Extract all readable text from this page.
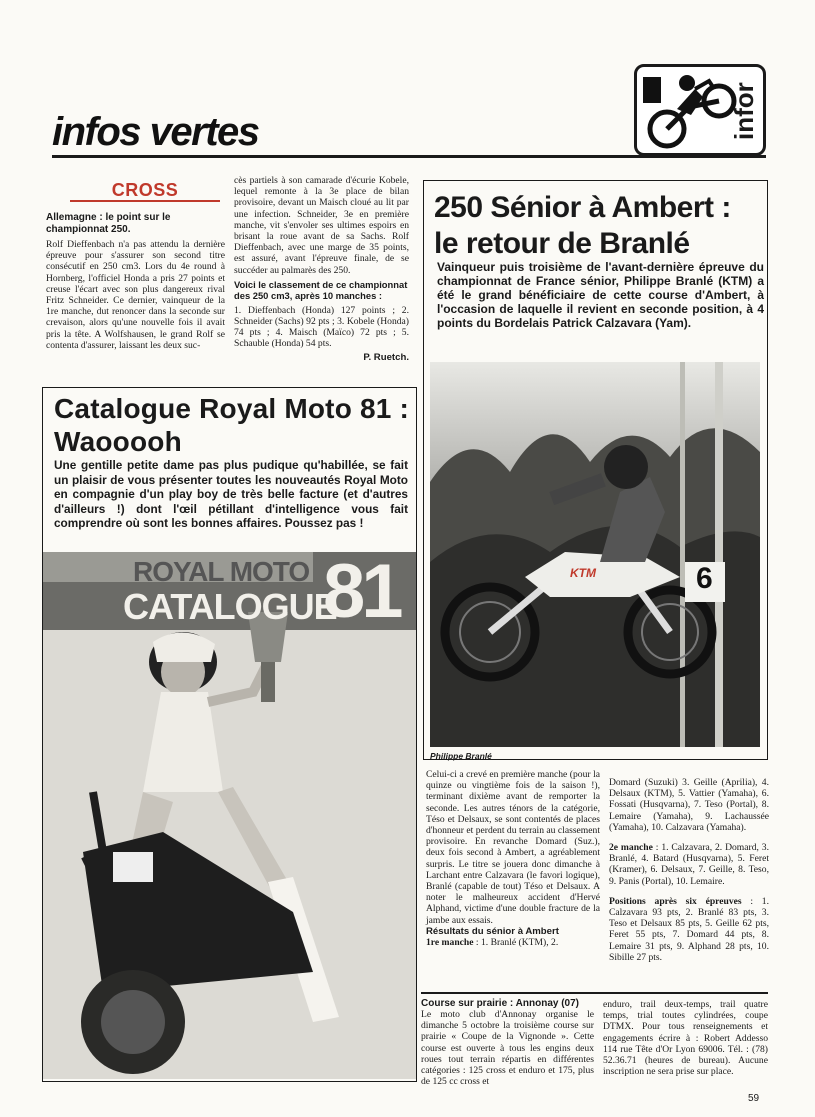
infos vertes	infor
CROSS
Allemagne : le point sur le championnat 250.
Rolf Dieffenbach n'a pas attendu la dernière épreuve pour s'assurer son second titre consécutif en 250 cm3. Lors du 4e round à Hornberg, l'officiel Honda a pris 27 points et creuse l'écart avec son plus dangereux rival Fritz Schneider. Ce dernier, vainqueur de la 1re manche, dut renoncer dans la seconde sur crevaison, alors qu'une nouvelle fois il avait pris la tête. A Wolfshausen, le grand Rolf se contenta d'assurer, laissant les deux suc-
cès partiels à son camarade d'écurie Kobele, lequel remonte à la 3e place de bilan provisoire, devant un Maisch cloué au lit par une infection. Schneider, 3e en première manche, vit s'envoler ses ultimes espoirs en brisant la roue avant de sa Sachs. Rolf Dieffenbach, avec une marge de 35 points, est assuré, avant l'épreuve finale, de se succéder au palmarès des 250.
Voici le classement de ce championnat des 250 cm3, après 10 manches :
1. Dieffenbach (Honda) 127 points ; 2. Schneider (Sachs) 92 pts ; 3. Kobele (Honda) 74 pts ; 4. Maisch (Maïco) 72 pts ; 5. Schauble (Honda) 54 pts.
P. Ruetch.
250 Sénior à Ambert :
le retour de Branlé
Vainqueur puis troisième de l'avant-dernière épreuve du championnat de France sénior, Philippe Branlé (KTM) a été le grand bénéficiaire de cette course d'Ambert, à l'occasion de laquelle il revient en seconde position, à 4 points du Bordelais Patrick Calzavara (Yam).
KTM	6
Philippe Branlé
Celui-ci a crevé en première manche (pour la quinze ou vingtième fois de la saison !), terminant dixième avant de remporter la seconde. Les autres ténors de la catégorie, Téso et Delsaux, se sont contentés de places d'honneur et perdent du terrain au classement provisoire. En revanche Domard (Suz.), deux fois second à Ambert, a agréablement surpris. Le titre se jouera donc dimanche à Larchant entre Calzavara (le favori logique), Branlé (capable de tout) Téso et Delsaux. A noter le malheureux accident d'Hervé Alphand, victime d'une double fracture de la jambe aux essais.
Résultats du sénior à Ambert
1re manche : 1. Branlé (KTM), 2.
Domard (Suzuki) 3. Geille (Aprilia), 4. Delsaux (KTM), 5. Vattier (Yamaha), 6. Fossati (Husqvarna), 7. Teso (Portal), 8. Lemaire (Yamaha), 9. Lachaussée (Yamaha), 10. Calzavara (Yamaha).
2e manche : 1. Calzavara, 2. Domard, 3. Branlé, 4. Batard (Husqvarna), 5. Feret (Kramer), 6. Delsaux, 7. Geille, 8. Teso, 9. Panis (Portal), 10. Lemaire.
Positions après six épreuves : 1. Calzavara 93 pts, 2. Branlé 83 pts, 3. Teso et Delsaux 85 pts, 5. Geille 62 pts, Feret 55 pts, 7. Domard 44 pts, 8. Lemaire 31 pts, 9. Alphand 28 pts, 10. Sibille 27 pts.
Catalogue Royal Moto 81 :
Waooooh
Une gentille petite dame pas plus pudique qu'habillée, se fait un plaisir de vous présenter toutes les nouveautés Royal Moto en compagnie d'un play boy de très belle facture (et d'autres d'ailleurs !) dont l'œil pétillant d'intelligence vous fait comprendre où sont les bonnes affaires. Poussez pas !
ROYAL MOTO
CATALOGUE
81
Course sur prairie : Annonay (07)
Le moto club d'Annonay organise le dimanche 5 octobre la troisième course sur prairie « Coupe de la Vignonde ». Cette course est ouverte à tous les engins deux roues tout terrain répartis en différentes catégories : 125 cross et enduro et 175, plus de 125 cc cross et
enduro, trail deux-temps, trail quatre temps, trial toutes cylindrées, coupe DTMX. Pour tous renseignements et engagements écrire à : Robert Addesso 114 rue Tête d'Or Lyon 69006. Tél. : (78) 52.36.71 (heures de bureau). Aucune inscription ne sera prise sur place.
59
